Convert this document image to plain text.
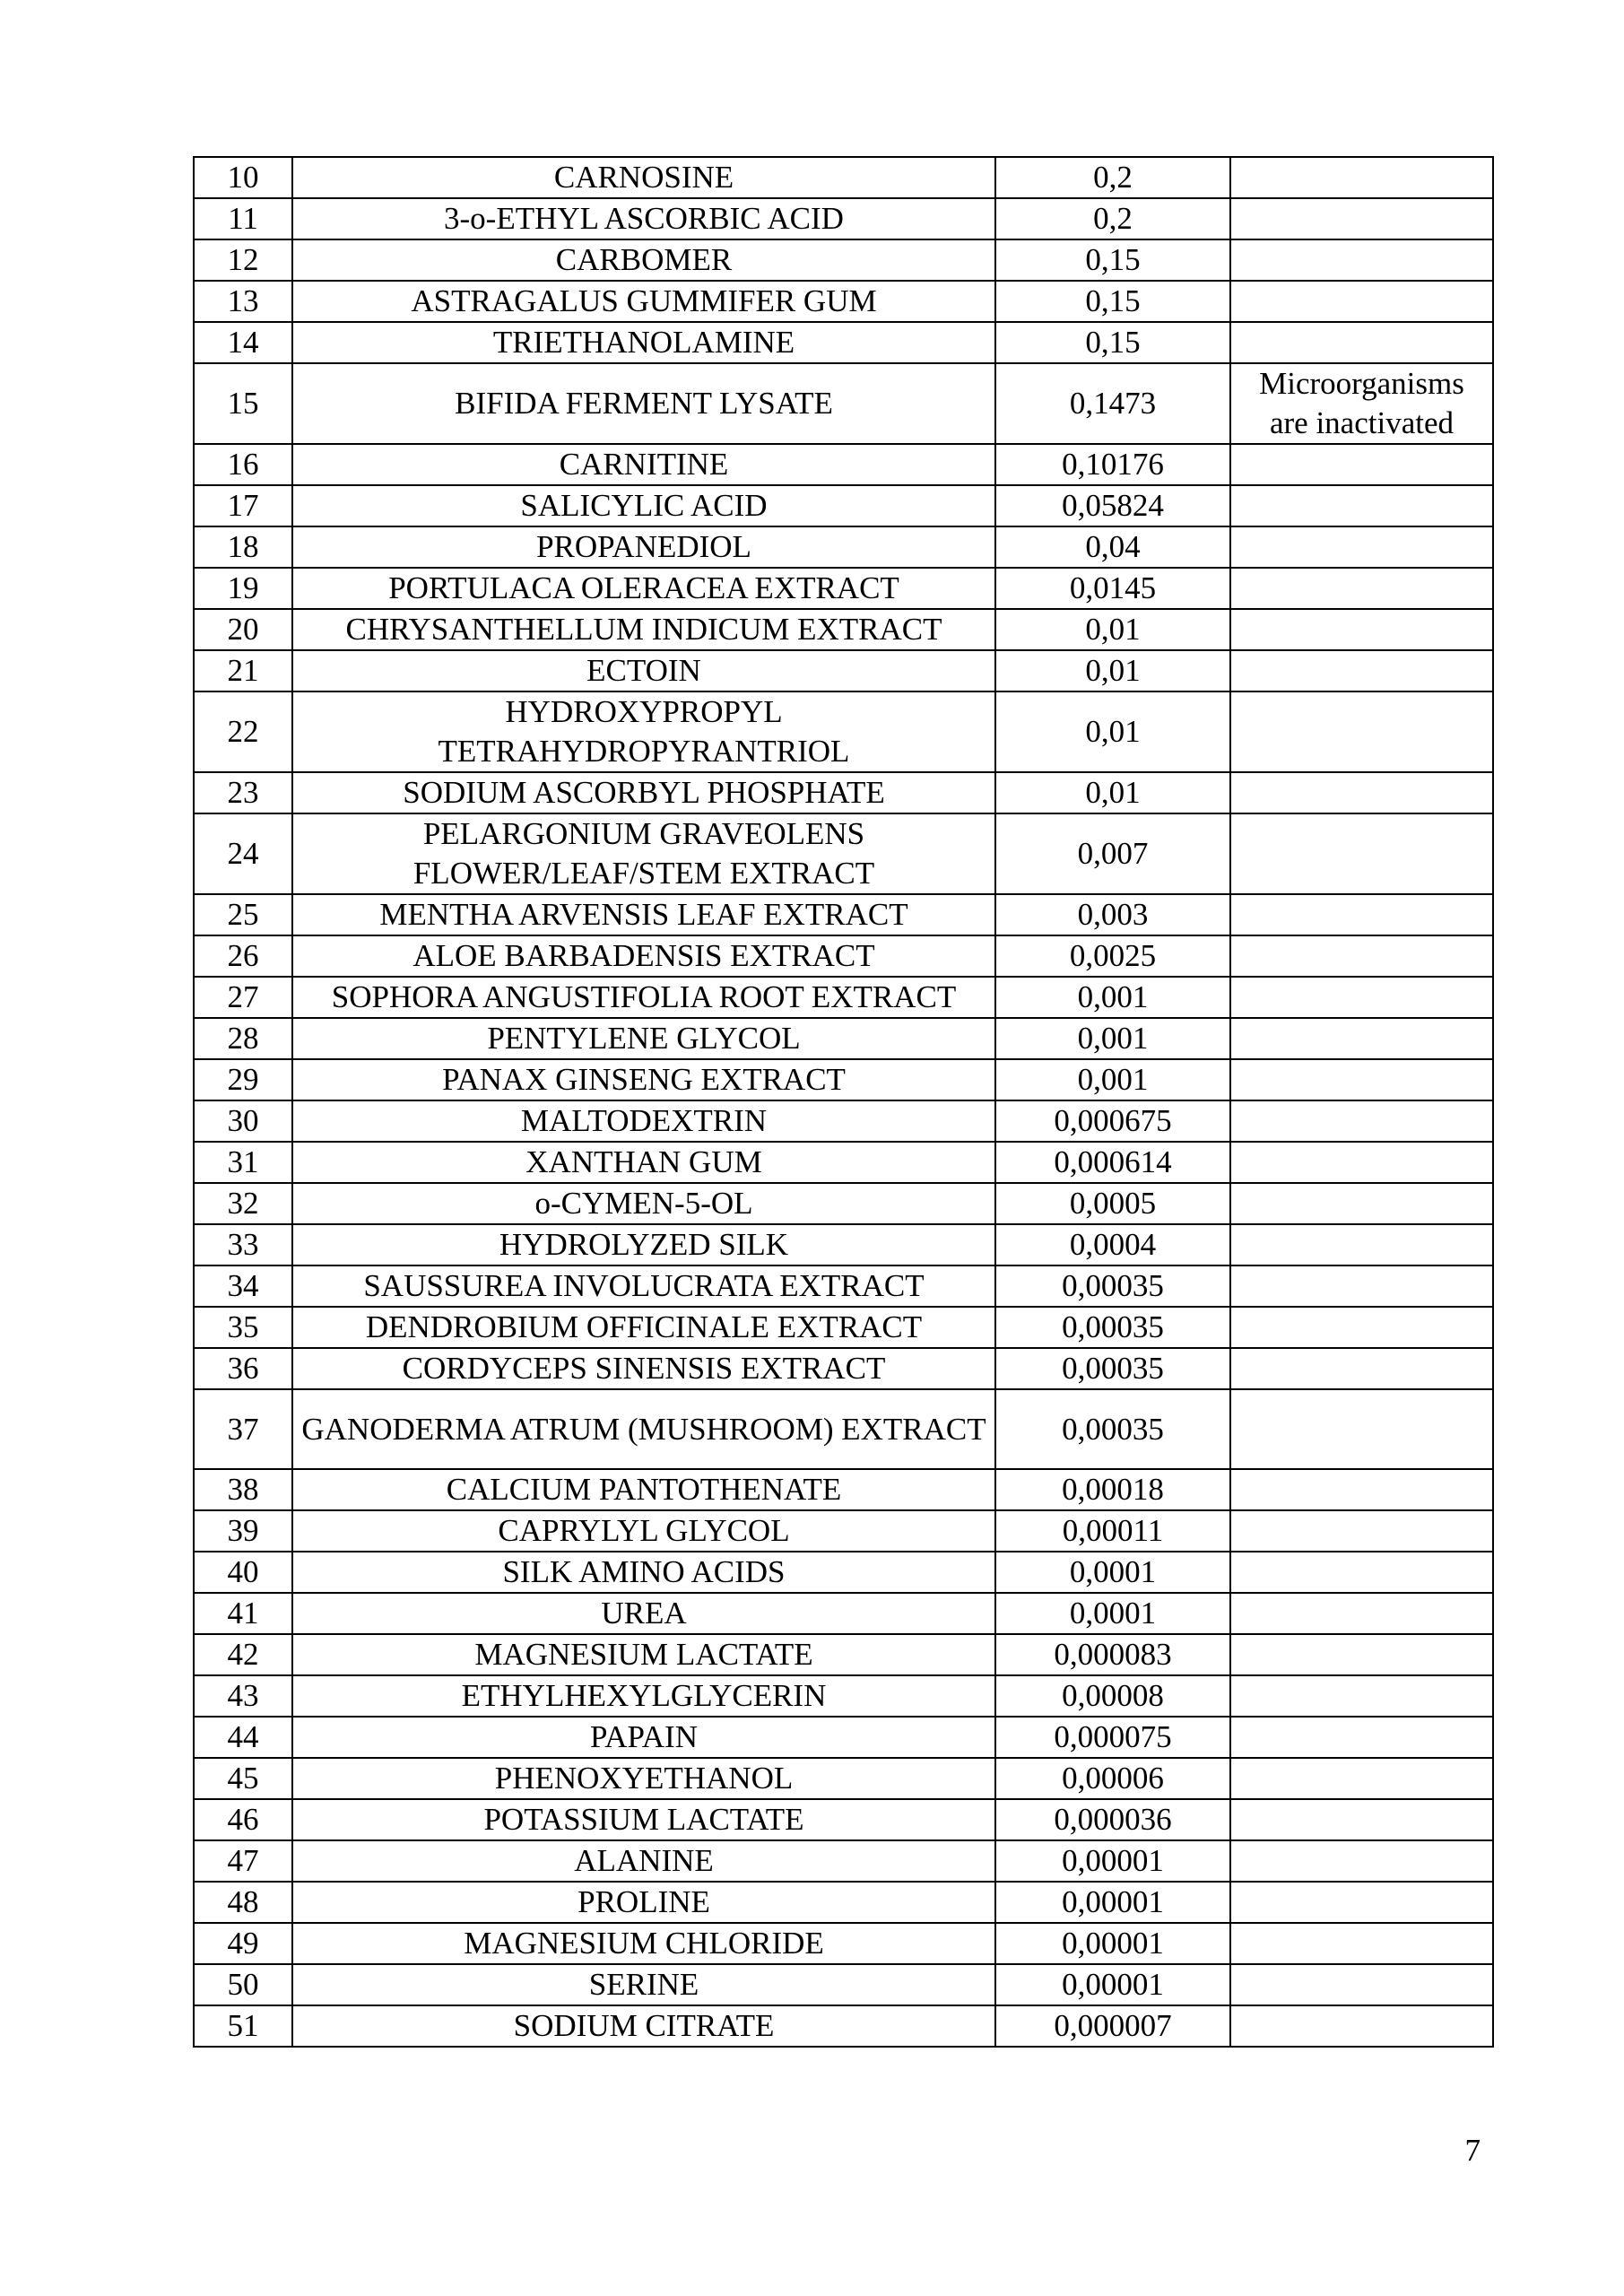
10	CARNOSINE	0,2	
11	3-o-ETHYL ASCORBIC ACID	0,2	
12	CARBOMER	0,15	
13	ASTRAGALUS GUMMIFER GUM	0,15	
14	TRIETHANOLAMINE	0,15	
15	BIFIDA FERMENT LYSATE	0,1473	Microorganisms are inactivated
16	CARNITINE	0,10176	
17	SALICYLIC ACID	0,05824	
18	PROPANEDIOL	0,04	
19	PORTULACA OLERACEA EXTRACT	0,0145	
20	CHRYSANTHELLUM INDICUM EXTRACT	0,01	
21	ECTOIN	0,01	
22	HYDROXYPROPYL TETRAHYDROPYRANTRIOL	0,01	
23	SODIUM ASCORBYL PHOSPHATE	0,01	
24	PELARGONIUM GRAVEOLENS FLOWER/LEAF/STEM EXTRACT	0,007	
25	MENTHA ARVENSIS LEAF EXTRACT	0,003	
26	ALOE BARBADENSIS EXTRACT	0,0025	
27	SOPHORA ANGUSTIFOLIA ROOT EXTRACT	0,001	
28	PENTYLENE GLYCOL	0,001	
29	PANAX GINSENG EXTRACT	0,001	
30	MALTODEXTRIN	0,000675	
31	XANTHAN GUM	0,000614	
32	o-CYMEN-5-OL	0,0005	
33	HYDROLYZED SILK	0,0004	
34	SAUSSUREA INVOLUCRATA EXTRACT	0,00035	
35	DENDROBIUM OFFICINALE EXTRACT	0,00035	
36	CORDYCEPS SINENSIS EXTRACT	0,00035	
37	GANODERMA ATRUM (MUSHROOM) EXTRACT	0,00035	
38	CALCIUM PANTOTHENATE	0,00018	
39	CAPRYLYL GLYCOL	0,00011	
40	SILK AMINO ACIDS	0,0001	
41	UREA	0,0001	
42	MAGNESIUM LACTATE	0,000083	
43	ETHYLHEXYLGLYCERIN	0,00008	
44	PAPAIN	0,000075	
45	PHENOXYETHANOL	0,00006	
46	POTASSIUM LACTATE	0,000036	
47	ALANINE	0,00001	
48	PROLINE	0,00001	
49	MAGNESIUM CHLORIDE	0,00001	
50	SERINE	0,00001	
51	SODIUM CITRATE	0,000007	
7
